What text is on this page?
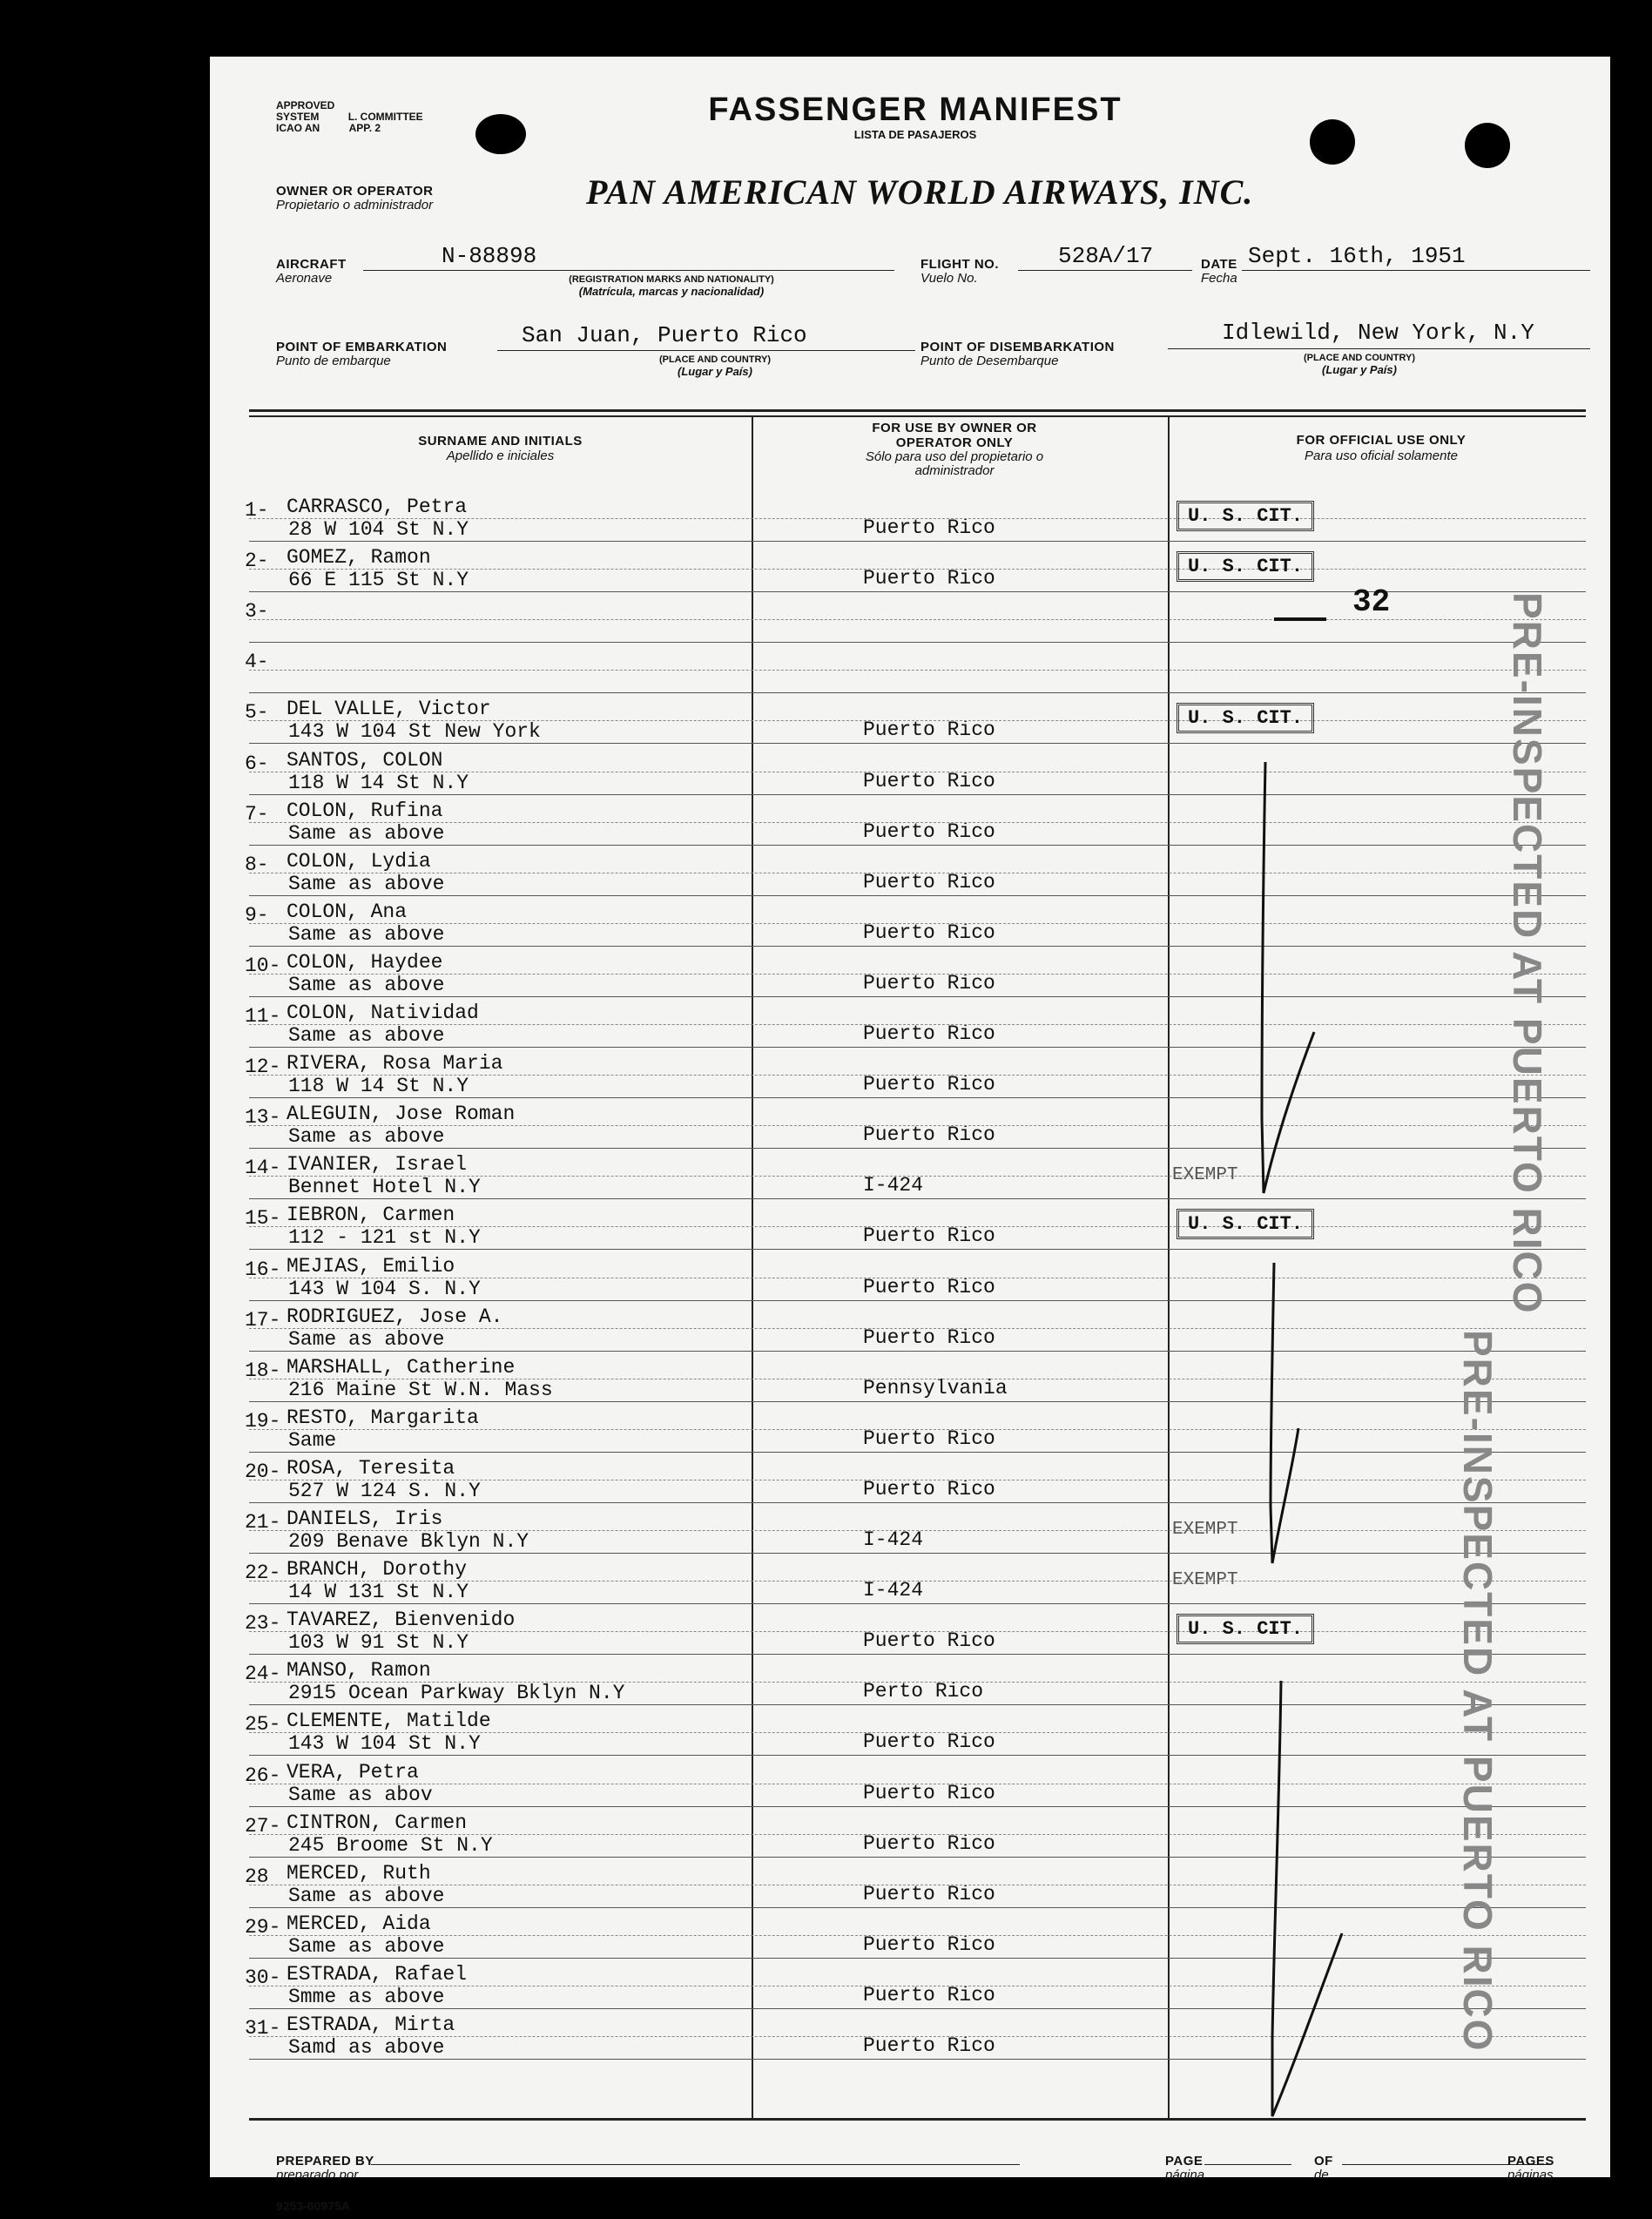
APPROVED
SYSTEM	L. COMMITTEE
ICAO AN	APP. 2	FASSENGER MANIFEST
LISTA DE PASAJEROS
OWNER OR OPERATOR
Propietario o administrador	PAN AMERICAN WORLD AIRWAYS, INC.
AIRCRAFT
Aeronave
N-88898
(REGISTRATION MARKS AND NATIONALITY)
(Matrícula, marcas y nacionalidad)
FLIGHT NO.
Vuelo No.
528A/17	DATE
Fecha
Sept. 16th, 1951
POINT OF EMBARKATION
Punto de embarque
San Juan, Puerto Rico
(PLACE AND COUNTRY)
(Lugar y País)
POINT OF DISEMBARKATION
Punto de Desembarque
Idlewild, New York, N.Y
(PLACE AND COUNTRY)
(Lugar y País)
SURNAME AND INITIALS
Apellido e iniciales
FOR USE BY OWNER OR OPERATOR ONLY
Sólo para uso del propietario o administrador
FOR OFFICIAL USE ONLY
Para uso oficial solamente
1- CARRASCO, Petra
28 W 104 St N.Y	Puerto Rico
U. S. CIT.
2- GOMEZ, Ramon
66 E 115 St N.Y	Puerto Rico
U. S. CIT.
3-
4-
5- DEL VALLE, Victor
143 W 104 St New York	Puerto Rico
U. S. CIT.
6- SANTOS, COLON
118 W 14 St N.Y	Puerto Rico
7- COLON, Rufina
Same as above	Puerto Rico
8- COLON, Lydia
Same as above	Puerto Rico
9- COLON, Ana
Same as above	Puerto Rico
10- COLON, Haydee
Same as above	Puerto Rico
11- COLON, Natividad
Same as above	Puerto Rico
12- RIVERA, Rosa Maria
118 W 14 St N.Y	Puerto Rico
13- ALEGUIN, Jose Roman
Same as above	Puerto Rico
14- IVANIER, Israel
Bennet Hotel N.Y	I-424	EXEMPT
15- IEBRON, Carmen
112 - 121 st N.Y	Puerto Rico
U. S. CIT.
16- MEJIAS, Emilio
143 W 104 S. N.Y	Puerto Rico
17- RODRIGUEZ, Jose A.
Same as above	Puerto Rico
18- MARSHALL, Catherine
216 Maine St W.N. Mass	Pennsylvania
19- RESTO, Margarita
Same	Puerto Rico
20- ROSA, Teresita
527 W 124 S. N.Y	Puerto Rico
21- DANIELS, Iris
209 Benave Bklyn N.Y	I-424	EXEMPT
22- BRANCH, Dorothy
14 W 131 St N.Y	I-424	EXEMPT
23- TAVAREZ, Bienvenido
103 W 91 St N.Y	Puerto Rico
U. S. CIT.
24- MANSO, Ramon
2915 Ocean Parkway Bklyn N.Y	Perto Rico
25- CLEMENTE, Matilde
143 W 104 St N.Y	Puerto Rico
26- VERA, Petra
Same as abov	Puerto Rico
27- CINTRON, Carmen
245 Broome St N.Y	Puerto Rico
28 MERCED, Ruth
Same as above	Puerto Rico
29- MERCED, Aida
Same as above	Puerto Rico
30- ESTRADA, Rafael
Smme as above	Puerto Rico
31- ESTRADA, Mirta
Samd as above	Puerto Rico
32	PRE-INSPECTED AT PUERTO RICO
PRE-INSPECTED AT PUERTO RICO
PREPARED BY
preparado por
PAGE
página
OF
de
PAGES
páginas
9253-60975A
